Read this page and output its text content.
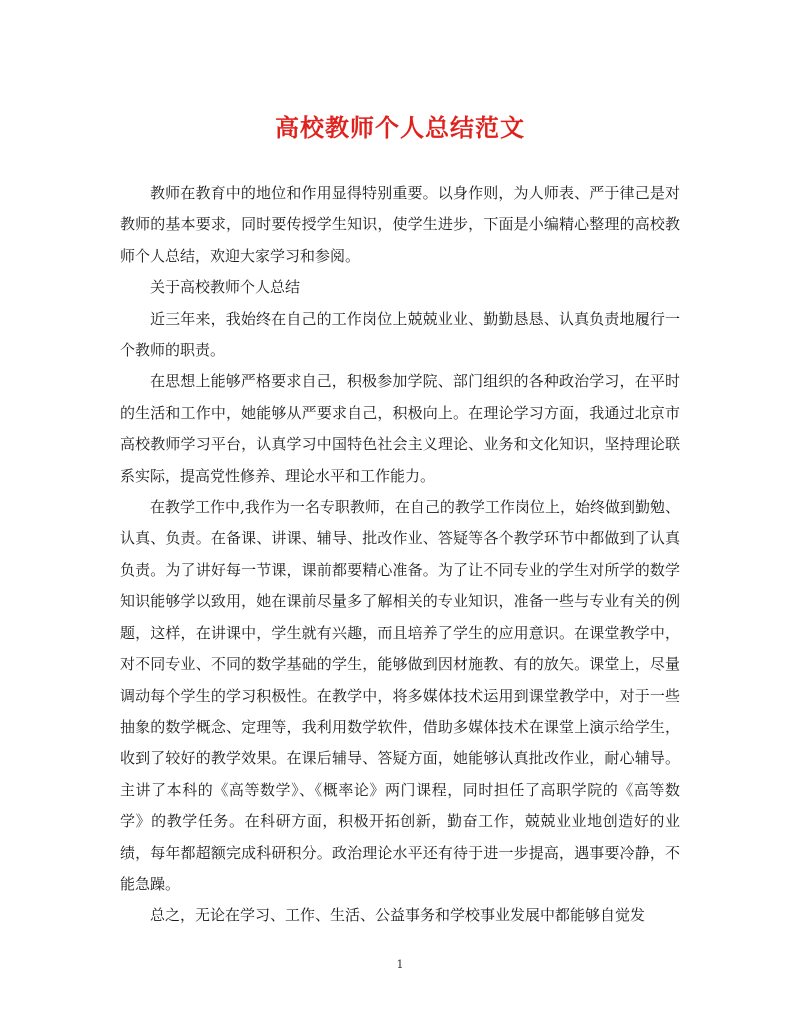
高校教师个人总结范文

教师在教育中的地位和作用显得特别重要。以身作则，为人师表、严于律己是对教师的基本要求，同时要传授学生知识，使学生进步，下面是小编精心整理的高校教师个人总结，欢迎大家学习和参阅。

关于高校教师个人总结

近三年来，我始终在自己的工作岗位上兢兢业业、勤勤恳恳、认真负责地履行一个教师的职责。

在思想上能够严格要求自己，积极参加学院、部门组织的各种政治学习，在平时的生活和工作中，她能够从严要求自己，积极向上。在理论学习方面，我通过北京市高校教师学习平台，认真学习中国特色社会主义理论、业务和文化知识，坚持理论联系实际，提高党性修养、理论水平和工作能力。

在教学工作中,我作为一名专职教师，在自己的教学工作岗位上，始终做到勤勉、认真、负责。在备课、讲课、辅导、批改作业、答疑等各个教学环节中都做到了认真负责。为了讲好每一节课，课前都要精心准备。为了让不同专业的学生对所学的数学知识能够学以致用，她在课前尽量多了解相关的专业知识，准备一些与专业有关的例题，这样，在讲课中，学生就有兴趣，而且培养了学生的应用意识。在课堂教学中，对不同专业、不同的数学基础的学生，能够做到因材施教、有的放矢。课堂上，尽量调动每个学生的学习积极性。在教学中，将多媒体技术运用到课堂教学中，对于一些抽象的数学概念、定理等，我利用数学软件，借助多媒体技术在课堂上演示给学生，收到了较好的教学效果。在课后辅导、答疑方面，她能够认真批改作业，耐心辅导。主讲了本科的《高等数学》、《概率论》两门课程，同时担任了高职学院的《高等数学》的教学任务。在科研方面，积极开拓创新，勤奋工作，兢兢业业地创造好的业绩，每年都超额完成科研积分。政治理论水平还有待于进一步提高，遇事要冷静，不能急躁。

总之，无论在学习、工作、生活、公益事务和学校事业发展中都能够自觉发

1
